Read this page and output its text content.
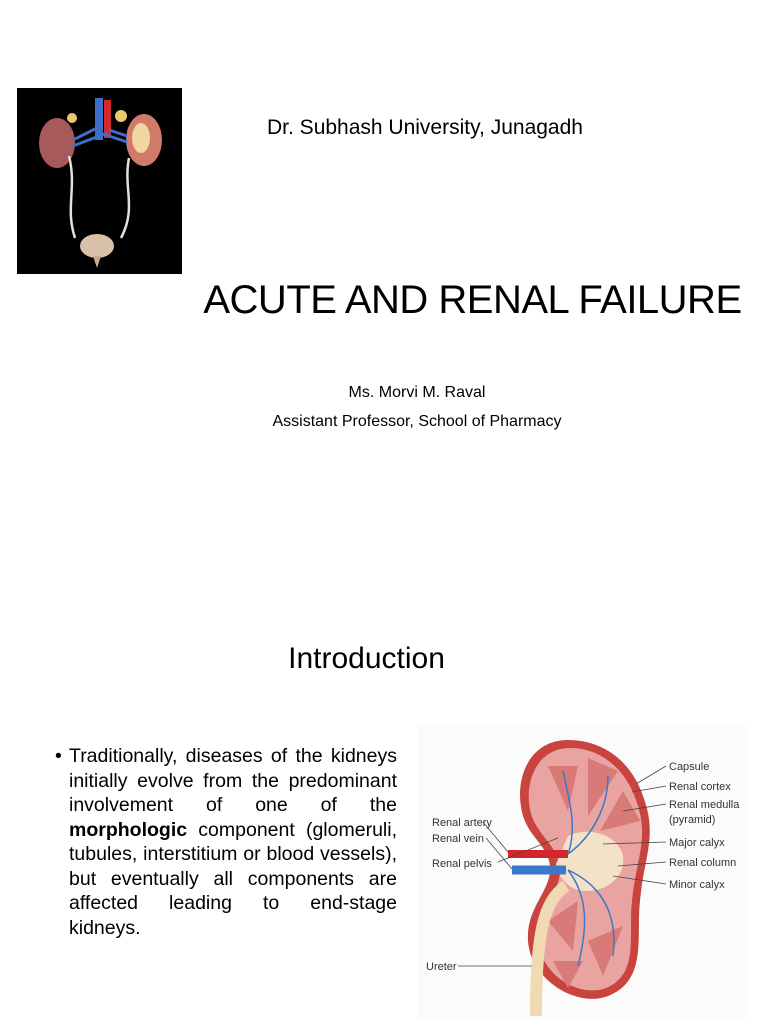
Dr. Subhash University, Junagadh
ACUTE AND RENAL FAILURE
Ms. Morvi M. Raval
Assistant Professor, School of Pharmacy
Introduction
• Traditionally, diseases of the kidneys initially evolve from the predominant involvement of one of the morphologic component (glomeruli, tubules, interstitium or blood vessels), but eventually all components are affected leading to end-stage kidneys.
Capsule
Renal cortex
Renal medulla
(pyramid)
Major calyx
Renal column
Minor calyx
Renal artery
Renal vein
Renal pelvis
Ureter
